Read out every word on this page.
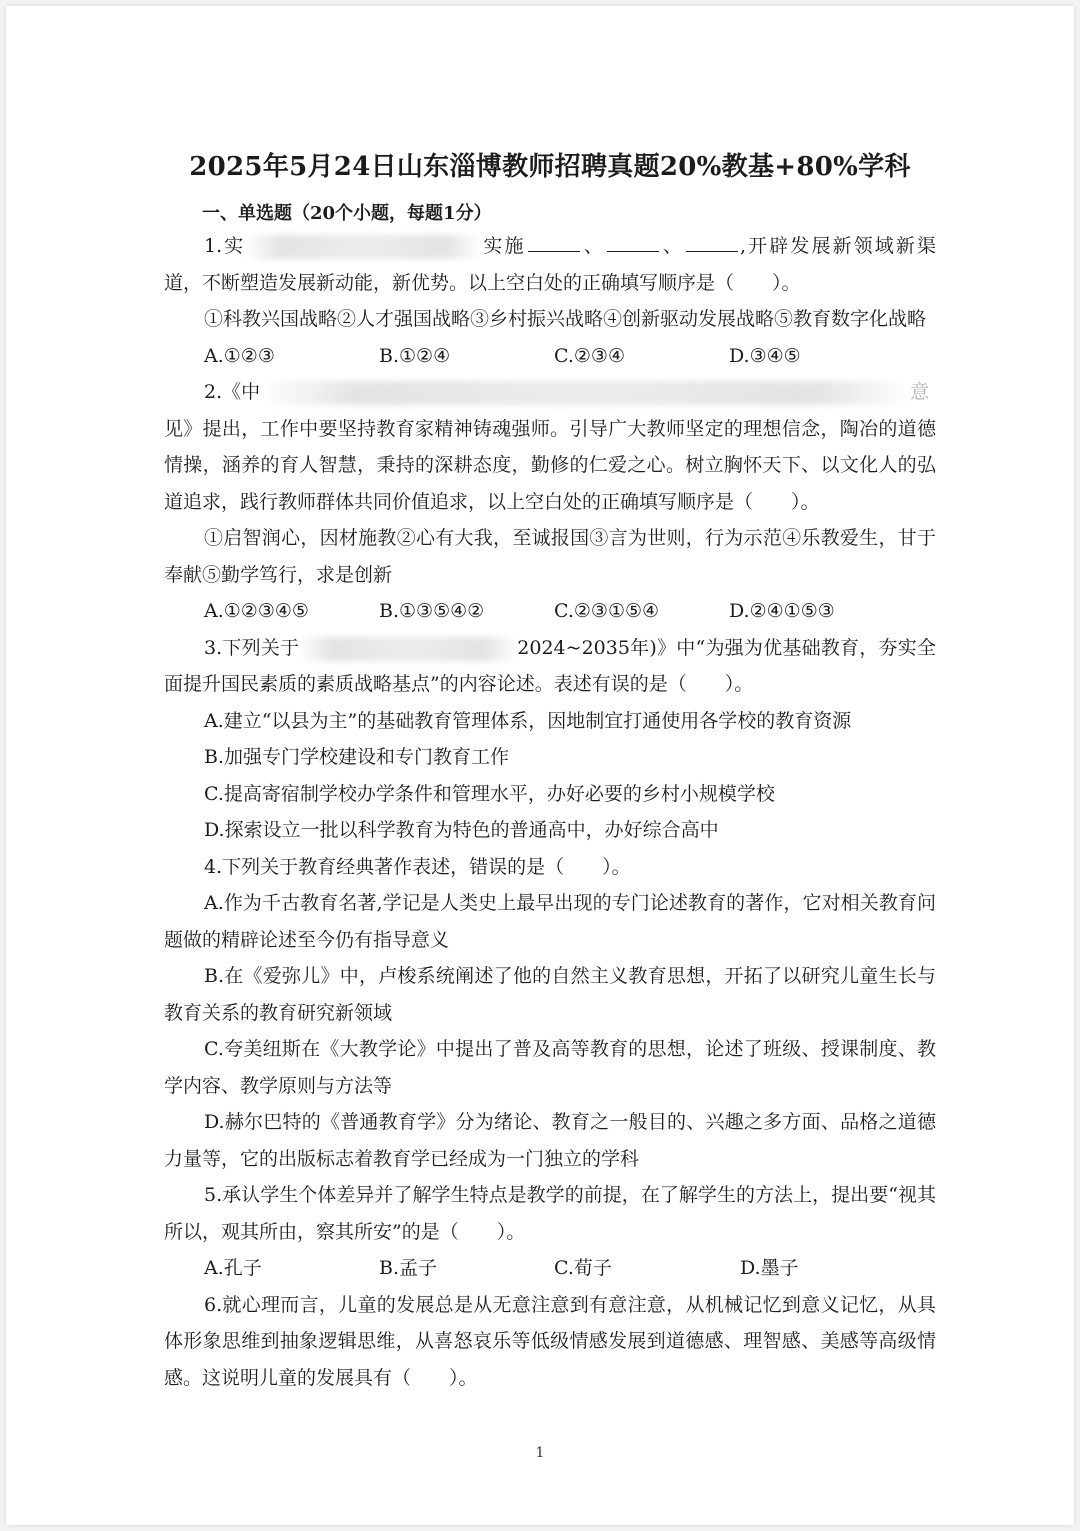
2025年5月24日山东淄博教师招聘真题20%教基+80%学科
一、单选题（20个小题，每题1分）

1.实	实施	、	、	,开辟发展新领域新渠道，不断塑造发展新动能，新优势。以上空白处的正确填写顺序是（　　）。

①科教兴国战略②人才强国战略③乡村振兴战略④创新驱动发展战略⑤教育数字化战略

A.①②③	B.①②④	C.②③④	D.③④⑤

2.《中	意

见》提出，工作中要坚持教育家精神铸魂强师。引导广大教师坚定的理想信念，陶冶的道德情操，涵养的育人智慧，秉持的深耕态度，勤修的仁爱之心。树立胸怀天下、以文化人的弘道追求，践行教师群体共同价值追求，以上空白处的正确填写顺序是（　　）。

①启智润心，因材施教②心有大我，至诚报国③言为世则，行为示范④乐教爱生，甘于奉献⑤勤学笃行，求是创新

A.①②③④⑤	B.①③⑤④②	C.②③①⑤④	D.②④①⑤③

3.下列关于	2024~2035年)》中“为强为优基础教育，夯实全面提升国民素质的素质战略基点”的内容论述。表述有误的是（　　）。

A.建立“以县为主”的基础教育管理体系，因地制宜打通使用各学校的教育资源

B.加强专门学校建设和专门教育工作

C.提高寄宿制学校办学条件和管理水平，办好必要的乡村小规模学校

D.探索设立一批以科学教育为特色的普通高中，办好综合高中

4.下列关于教育经典著作表述，错误的是（　　）。

A.作为千古教育名著,学记是人类史上最早出现的专门论述教育的著作，它对相关教育问题做的精辟论述至今仍有指导意义

B.在《爱弥儿》中，卢梭系统阐述了他的自然主义教育思想，开拓了以研究儿童生长与教育关系的教育研究新领域

C.夸美纽斯在《大教学论》中提出了普及高等教育的思想，论述了班级、授课制度、教学内容、教学原则与方法等

D.赫尔巴特的《普通教育学》分为绪论、教育之一般目的、兴趣之多方面、品格之道德力量等，它的出版标志着教育学已经成为一门独立的学科

5.承认学生个体差异并了解学生特点是教学的前提，在了解学生的方法上，提出要“视其所以，观其所由，察其所安”的是（　　）。

A.孔子	B.孟子	C.荀子	D.墨子

6.就心理而言，儿童的发展总是从无意注意到有意注意，从机械记忆到意义记忆，从具体形象思维到抽象逻辑思维，从喜怒哀乐等低级情感发展到道德感、理智感、美感等高级情感。这说明儿童的发展具有（　　）。

1
